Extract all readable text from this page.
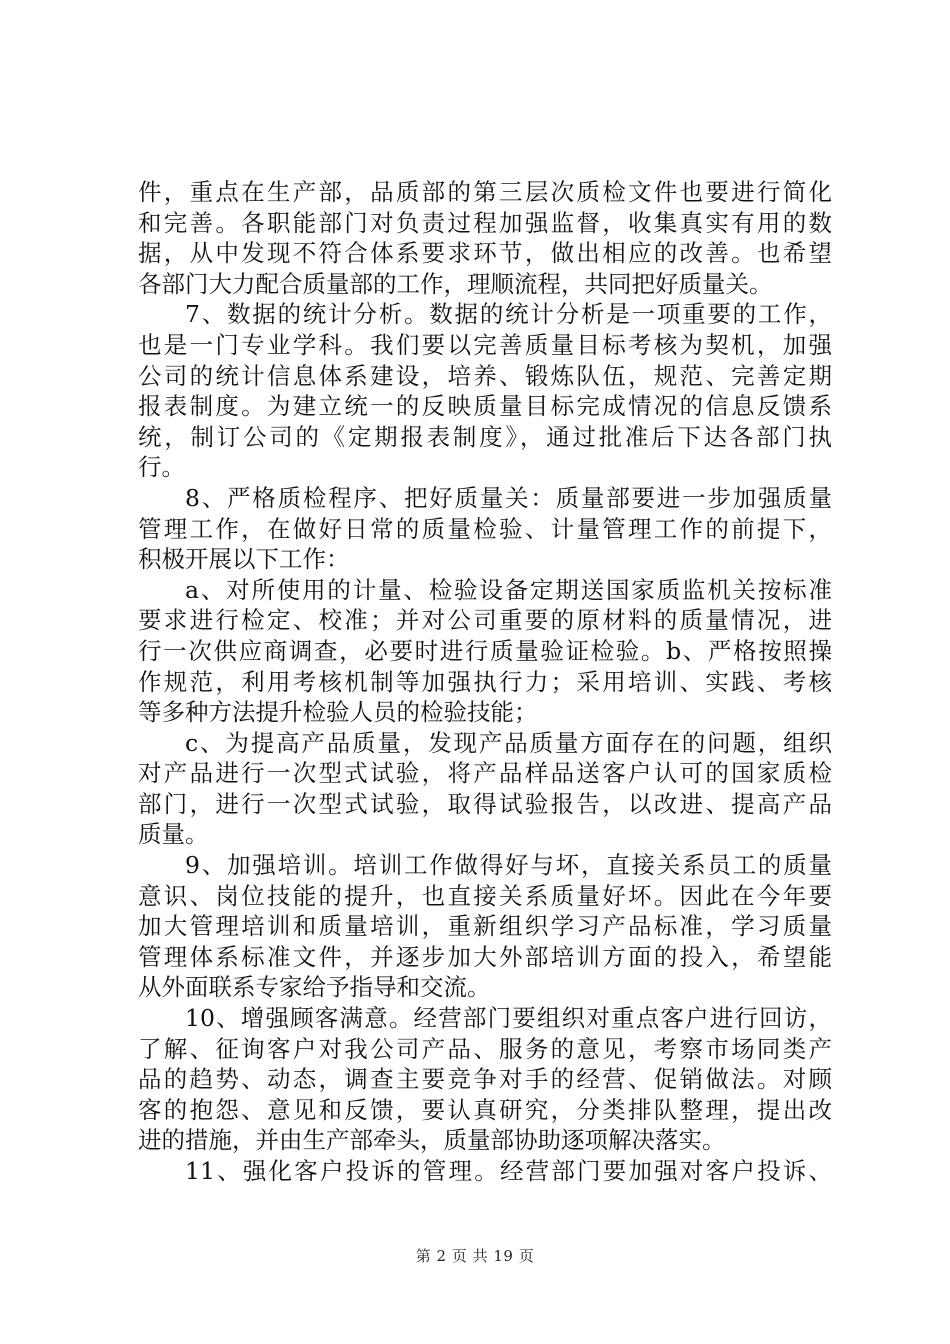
件，重点在生产部，品质部的第三层次质检文件也要进行简化
和完善。各职能部门对负责过程加强监督，收集真实有用的数
据，从中发现不符合体系要求环节，做出相应的改善。也希望
各部门大力配合质量部的工作，理顺流程，共同把好质量关。
7、数据的统计分析。数据的统计分析是一项重要的工作，
也是一门专业学科。我们要以完善质量目标考核为契机，加强
公司的统计信息体系建设，培养、锻炼队伍，规范、完善定期
报表制度。为建立统一的反映质量目标完成情况的信息反馈系
统，制订公司的《定期报表制度》，通过批准后下达各部门执
行。
8、严格质检程序、把好质量关：质量部要进一步加强质量
管理工作，在做好日常的质量检验、计量管理工作的前提下，
积极开展以下工作：
a、对所使用的计量、检验设备定期送国家质监机关按标准
要求进行检定、校准；并对公司重要的原材料的质量情况，进
行一次供应商调查，必要时进行质量验证检验。b、严格按照操
作规范，利用考核机制等加强执行力；采用培训、实践、考核
等多种方法提升检验人员的检验技能；
c、为提高产品质量，发现产品质量方面存在的问题，组织
对产品进行一次型式试验，将产品样品送客户认可的国家质检
部门，进行一次型式试验，取得试验报告，以改进、提高产品
质量。
9、加强培训。培训工作做得好与坏，直接关系员工的质量
意识、岗位技能的提升，也直接关系质量好坏。因此在今年要
加大管理培训和质量培训，重新组织学习产品标准，学习质量
管理体系标准文件，并逐步加大外部培训方面的投入，希望能
从外面联系专家给予指导和交流。
10、增强顾客满意。经营部门要组织对重点客户进行回访，
了解、征询客户对我公司产品、服务的意见，考察市场同类产
品的趋势、动态，调查主要竞争对手的经营、促销做法。对顾
客的抱怨、意见和反馈，要认真研究，分类排队整理，提出改
进的措施，并由生产部牵头，质量部协助逐项解决落实。
11、强化客户投诉的管理。经营部门要加强对客户投诉、
第 2 页 共 19 页
